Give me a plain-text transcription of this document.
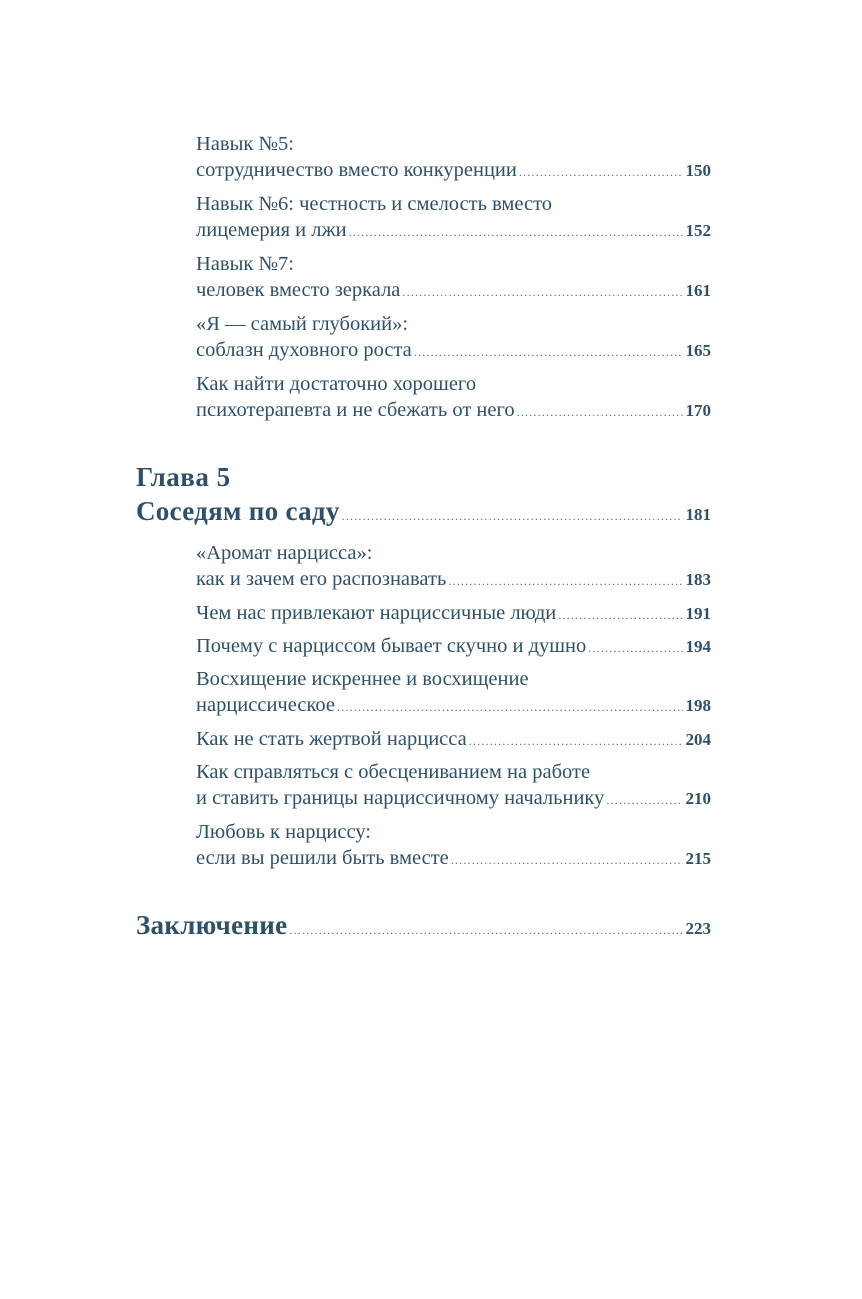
Навык №5:
сотрудничество вместо конкуренции .....	150
Навык №6: честность и смелость вместо
лицемерия и лжи .....	152
Навык №7:
человек вместо зеркала .....	161
«Я — самый глубокий»:
соблазн духовного роста .....	165
Как найти достаточно хорошего
психотерапевта и не сбежать от него .....	170
Глава 5
Соседям по саду .....	181
«Аромат нарцисса»:
как и зачем его распознавать .....	183
Чем нас привлекают нарциссичные люди .....	191
Почему с нарциссом бывает скучно и душно .....	194
Восхищение искреннее и восхищение
нарциссическое .....	198
Как не стать жертвой нарцисса .....	204
Как справляться с обесцениванием на работе
и ставить границы нарциссичному начальнику .....	210
Любовь к нарциссу:
если вы решили быть вместе .....	215
Заключение .....	223
